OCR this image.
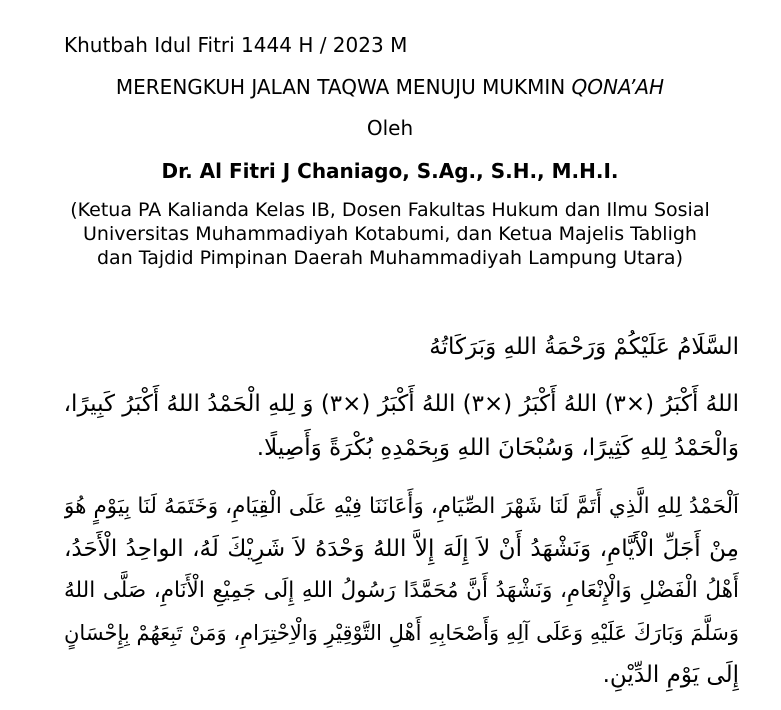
Khutbah Idul Fitri 1444 H / 2023 M
MERENGKUH JALAN TAQWA MENUJU MUKMIN QONA’AH
Oleh
Dr. Al Fitri J Chaniago, S.Ag., S.H., M.H.I.
(Ketua PA Kalianda Kelas IB, Dosen Fakultas Hukum dan Ilmu Sosial
Universitas Muhammadiyah Kotabumi, dan Ketua Majelis Tabligh
dan Tajdid Pimpinan Daerah Muhammadiyah Lampung Utara)
السَّلَامُ عَلَيْكُمْ وَرَحْمَةُ اللهِ وَبَرَكَاتُهُ
اللهُ أَكْبَرُ (×٣) اللهُ أَكْبَرُ (×٣) اللهُ أَكْبَرُ (×٣) وَ لِلهِ الْحَمْدُ اللهُ أَكْبَرُ كَبِيرًا،
وَالْحَمْدُ لِلهِ كَثِيرًا، وَسُبْحَانَ اللهِ وَبِحَمْدِهِ بُكْرَةً وَأَصِيلًا.
اَلْحَمْدُ لِلهِ الَّذِي أَتَمَّ لَنَا شَهْرَ الصِّيَامِ، وَأَعَانَنَا فِيْهِ عَلَى الْقِيَامِ، وَخَتَمَهُ لَنَا بِيَوْمٍ هُوَ
مِنْ أَجَلِّ الْأَيَّامِ، وَنَشْهَدُ أَنْ لاَ إِلَهَ إِلاَّ اللهُ وَحْدَهُ لاَ شَرِيْكَ لَهُ، الواحِدُ الْأَحَدُ،
أَهْلُ الْفَضْلِ وَالْإِنْعَامِ، وَنَشْهَدُ أَنَّ مُحَمَّدًا رَسُولُ اللهِ إِلَى جَمِيْعِ الْأَنَامِ، صَلَّى اللهُ
وَسَلَّمَ وَبَارَكَ عَلَيْهِ وَعَلَى آلِهِ وَأَصْحَابِهِ أَهْلِ التَّوْقِيْرِ وَالْاِحْتِرَامِ، وَمَنْ تَبِعَهُمْ بِإِحْسَانٍ
إِلَى يَوْمِ الدِّيْنِ.
